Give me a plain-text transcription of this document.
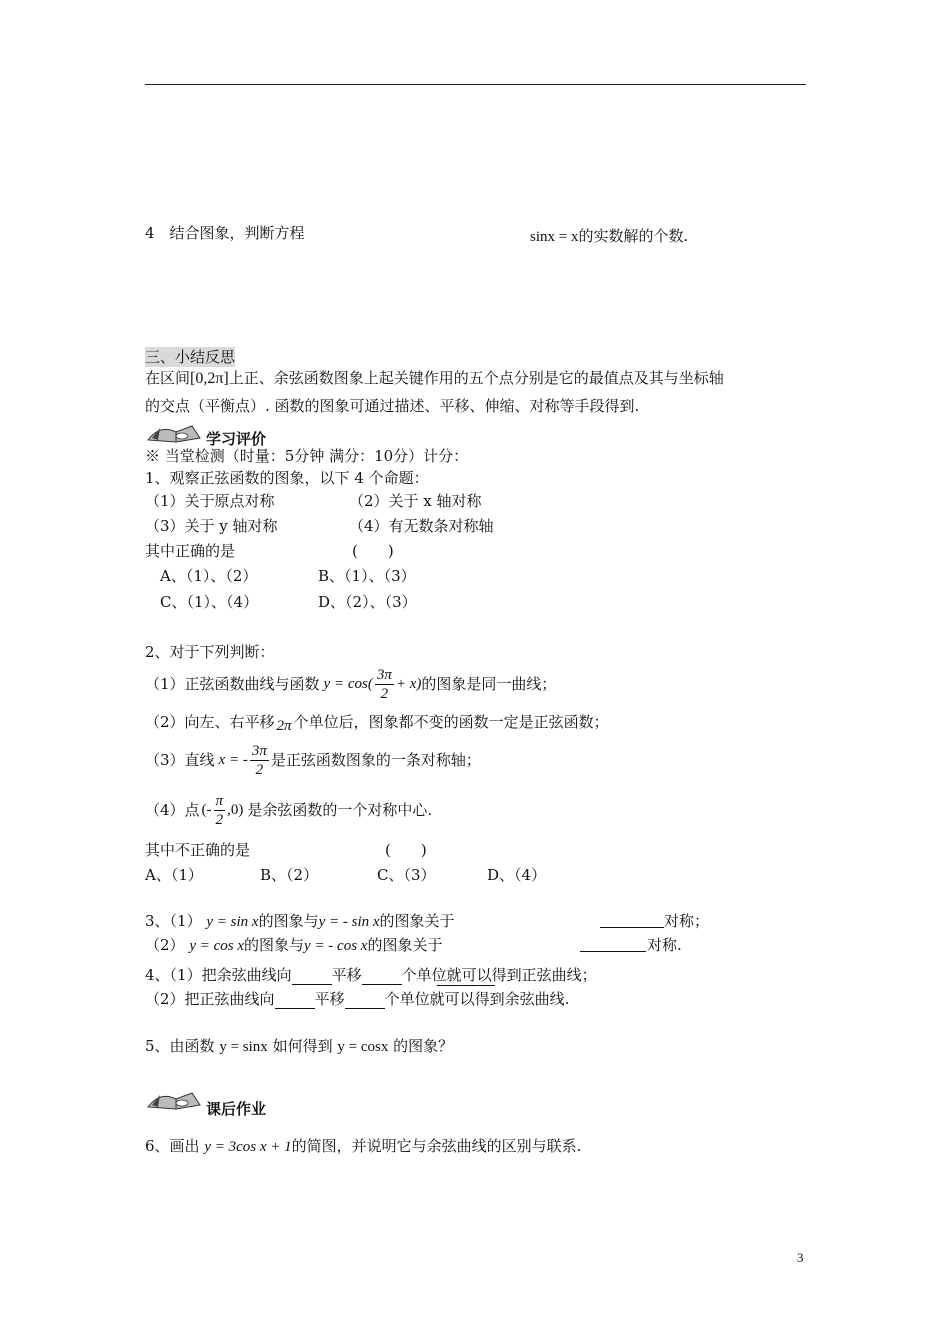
4　结合图象，判断方程	sinx = x的实数解的个数.
三、小结反思
在区间[0,2π]上正、余弦函数图象上起关键作用的五个点分别是它的最值点及其与坐标轴
的交点（平衡点）. 函数的图象可通过描述、平移、伸缩、对称等手段得到.
学习评价
※ 当堂检测（时量：5分钟 满分：10分）计分：
1、观察正弦函数的图象，以下 4 个命题：
（1）关于原点对称	（2）关于 x 轴对称
（3）关于 y 轴对称	（4）有无数条对称轴
其中正确的是	(　　)
A、（1）、（2）	B、（1）、（3）
C、（1）、（4）	D、（2）、（3）
2、对于下列判断：
（1）正弦函数曲线与函数 $y = \cos( \frac{3\pi}{2} + x)$ 的图象是同一曲线；
（2）向左、右平移 2π 个单位后，图象都不变的函数一定是正弦函数；
（3）直线 x = - $\frac{3\pi}{2}$ 是正弦函数图象的一条对称轴；
（4）点 (- $\frac{\pi}{2} ,0$) 是余弦函数的一个对称中心.
其中不正确的是	(　　)
A、（1）	B、（2）	C、（3）	D、（4）
3、（1） y = sin x的图象与y = - sin x的图象关于	对称；
（2） y = cos x的图象与y = - cos x的图象关于	对称.
4、（1）把余弦曲线向	平移	个单位就可以得到正弦曲线；
（2）把正弦曲线向	平移	个单位就可以得到余弦曲线.
5、由函数 y = sinx 如何得到 y = cosx 的图象？
课后作业
6、画出 y = 3cos x + 1的简图，并说明它与余弦曲线的区别与联系.
3
